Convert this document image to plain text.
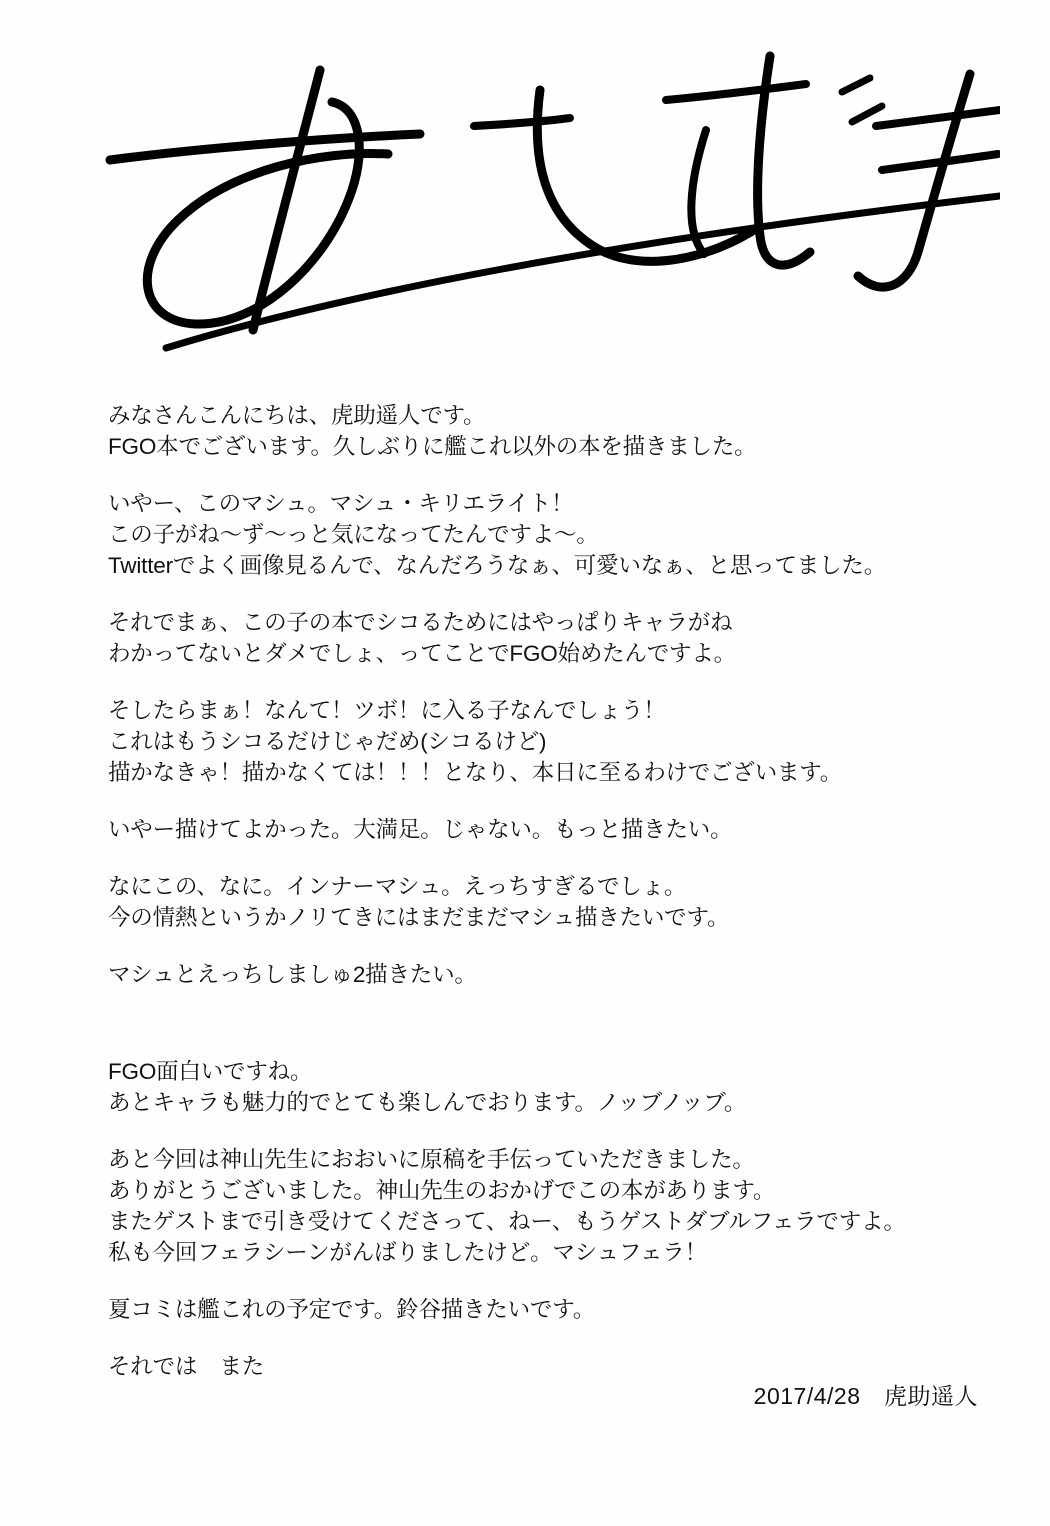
みなさんこんにちは、虎助遥人です。
FGO本でございます。久しぶりに艦これ以外の本を描きました。
いやー、このマシュ。マシュ・キリエライト！
この子がね～ず～っと気になってたんですよ～。
Twitterでよく画像見るんで、なんだろうなぁ、可愛いなぁ、と思ってました。
それでまぁ、この子の本でシコるためにはやっぱりキャラがね
わかってないとダメでしょ、ってことでFGO始めたんですよ。
そしたらまぁ！なんて！ツボ！に入る子なんでしょう！
これはもうシコるだけじゃだめ(シコるけど)
描かなきゃ！描かなくては！！！となり、本日に至るわけでございます。
いやー描けてよかった。大満足。じゃない。もっと描きたい。
なにこの、なに。インナーマシュ。えっちすぎるでしょ。
今の情熱というかノリてきにはまだまだマシュ描きたいです。
マシュとえっちしましゅ2描きたい。
FGO面白いですね。
あとキャラも魅力的でとても楽しんでおります。ノッブノッブ。
あと今回は神山先生におおいに原稿を手伝っていただきました。
ありがとうございました。神山先生のおかげでこの本があります。
またゲストまで引き受けてくださって、ねー、もうゲストダブルフェラですよ。
私も今回フェラシーンがんばりましたけど。マシュフェラ！
夏コミは艦これの予定です。鈴谷描きたいです。
それでは　また
2017/4/28　虎助遥人
